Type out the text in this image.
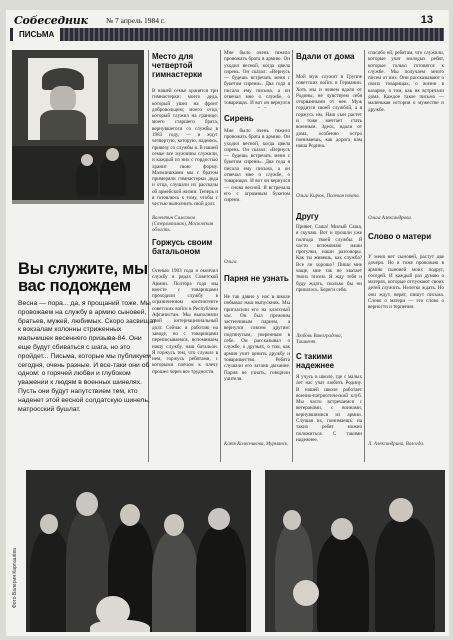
Собеседник № 7 апрель 1984 г.	13
ПИСЬМА
Вы служите, мы вас подождем
Весна — пора... да, я прощаний тоже. Мы провожаем на службу в армию сыновей, братьев, мужей, любимых. Скоро засвищат к вокзалам колонны стриженных мальчишек весеннего призыва-84. Они еще будут сбиваться с шага, но это пройдет... Письма, которые мы публикуем сегодня, очень разные. И все-таки они об одном: о горячей любви и глубоком уважении к людям в военных шинелях. Пусть они будут напутствием тем, кто наденет этой весной солдатскую шинель, матросский бушлат.
Место для четвертой гимнастерки
В нашей семье хранятся три гимнастерки: моего деда, который ушел на фронт добровольцем; моего отца, который служил на границе; моего старшего брата, вернувшегося со службы в 1983 году, — и ждут четвертую, которую, надеюсь, привезу со службы я. В нашей семье все мужчины служили, и каждый из них с гордостью хранит свою форму. Мальчишками мы с братом примеряли гимнастерки деда и отца, слушали их рассказы об армейской жизни. Теперь и я готовлюсь к тому, чтобы с честью выполнить свой долг.
Валентин Самсонов (Стерлитамак), Московская область.
Горжусь своим батальоном
Осенью 1983 года я окончил службу в рядах Советской Армии. Полтора года мы вместе с товарищами проходили службу в ограниченном контингенте советских войск в Республике Афганистан. Мы выполняли свой интернациональный долг. Сейчас я работаю на заводе, но с товарищами переписываемся, вспоминаем нашу службу, наш батальон. Я горжусь тем, что служил в нем, горжусь ребятами, с которыми плечом к плечу прошел через все трудности.
Мне было очень тяжело провожать брата в армию. Он уходил весной, когда цвела сирень. Он сказал: «Вернусь — будешь встречать меня с букетом сирени». Два года я писала ему письма, а он отвечал мне о службе, о товарищах. И вот он вернулся
Сирень
Мне было очень тяжело провожать брата в армию. Он уходил весной, когда цвела сирень. Он сказал: «Вернусь — будешь встречать меня с букетом сирени». Два года я писала ему письма, а он отвечал мне о службе, о товарищах. И вот он вернулся — снова весной. Я встречала его с огромным букетом сирени.
Ольга.
Парня не узнать
Не так давно у нас в школе побывал наш выпускник. Мы пригласили его на классный час. Он был прежним застенчивым парнем, а вернулся совсем другим: подтянутым, уверенным в себе. Он рассказывал о службе, о друзьях, о том, как армия учит ценить дружбу и товарищество. Ребята слушали его затаив дыхание. Парня не узнать, говорили учителя.
Катя Колесникова, Мурманск.
Вдали от дома
Мой муж служит в Группе советских войск в Германии. Хоть мы и живем вдали от Родины, не чувствуем себя оторванными от нее. Муж гордится своей службой, а я горжусь им. Наш сын растет и тоже мечтает стать военным. Здесь, вдали от дома, особенно остро понимаешь, как дорога нам наша Родина.
Ольга Кирюк, Полевая почта.
Другу
Привет, Саша! Милый Саша, я скучаю. Вот и прошли уже полгода твоей службы. Я часто вспоминаю наши прогулки, наши разговоры. Как ты живешь, как служба? Все ли хорошо? Пиши мне чаще, мне так не хватает твоих писем. Я жду тебя и буду ждать, сколько бы ни пришлось. Береги себя.
Любовь Виноградова, Ташкент.
С такими надежнее
Я учусь в школе, где с малых лет нас учат любить Родину. В нашей школе работает военно-патриотический клуб. Мы часто встречаемся с ветеранами, с воинами, вернувшимися из армии. Слушая их, понимаешь: на таких ребят можно положиться. С такими надежнее.
спасибо ей, ребятам, что служили, которые учат молодых ребят, которые только готовятся к службе. Мы получаем много писем от них. Они рассказывают о своих товарищах, о жизни в казарме, о том, как их встречали дома. Каждое такое письмо — маленькая история о мужестве и дружбе.
Ольга Александрова.
Слово о матери
У меня нет сыновей, растут две дочери. Но я тоже провожаю в армию сыновей моих подруг, соседей. И каждый раз думаю о матерях, которые отпускают своих детей служить. Нелегко ждать. Но они ждут, верят, пишут письма. Слово о матери — это слово о верности и терпении.
Л. Александрина, Вологда.
Фото Валерия Карташёва
